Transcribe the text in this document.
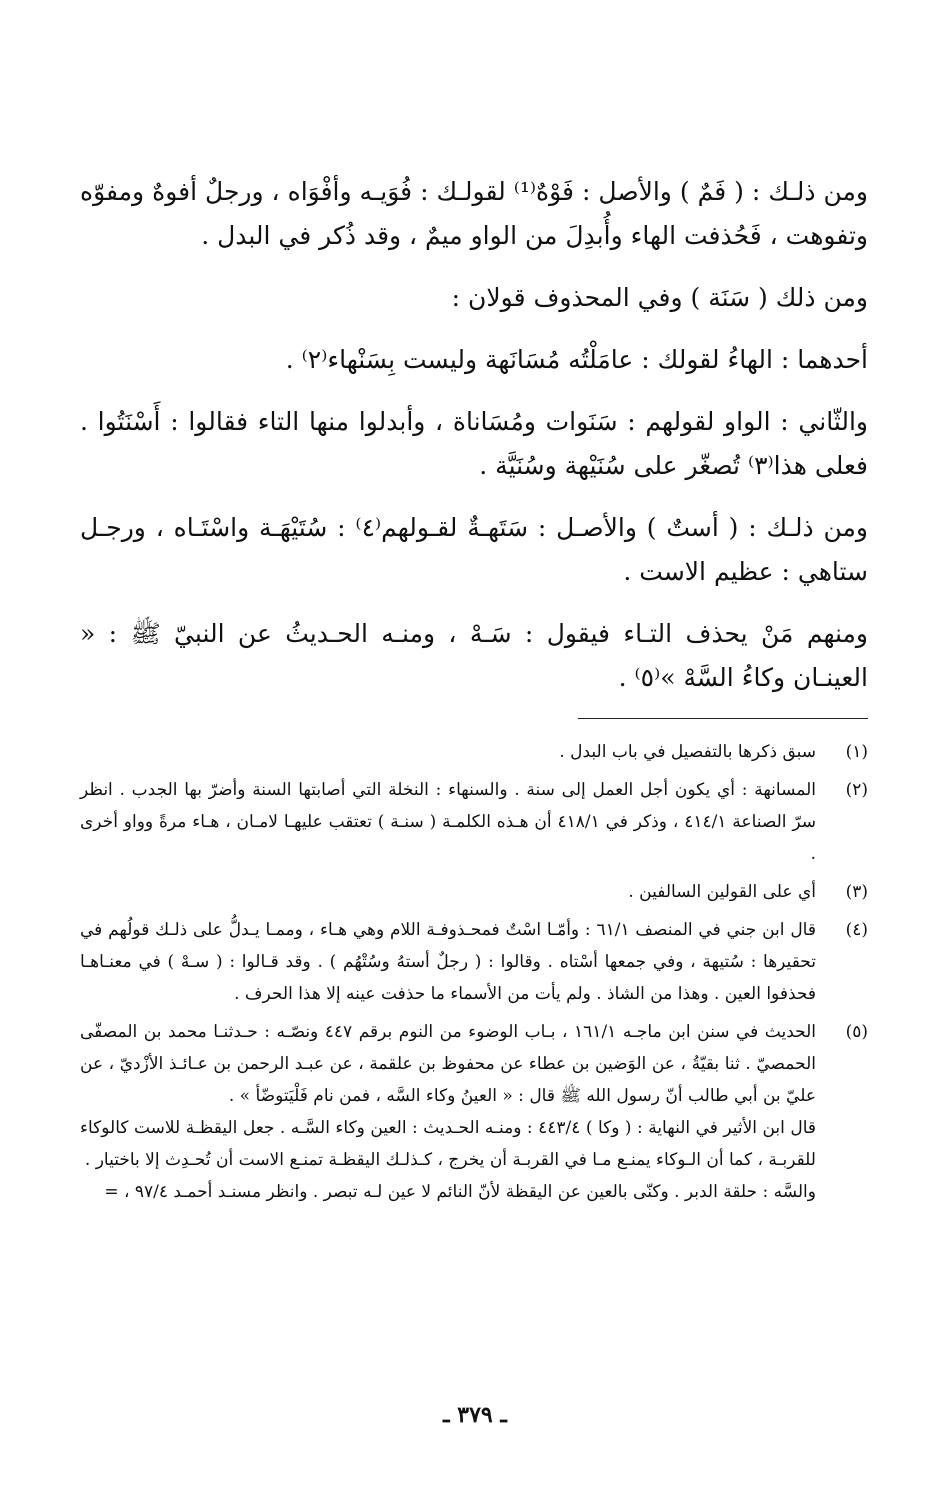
ومن ذلـك : ( فَمٌ ) والأصل : فَوْهٌ⁽¹⁾ لقولـك : فُوَيـه وأفْوَاه ، ورجلٌ أفوهٌ ومفوّه وتفوهت ، فَحُذفت الهاء وأُبدِلَ من الواو ميمٌ ، وقد ذُكر في البدل .

ومن ذلك ( سَنَة ) وفي المحذوف قولان :

أحدهما : الهاءُ لقولك : عامَلْتُه مُسَانَهة وليست بِسَنْهاء⁽٢⁾ .

والثّاني : الواو لقولهم : سَنَوات ومُسَاناة ، وأبدلوا منها التاء فقالوا : أَسْنَتُوا . فعلى هذا⁽٣⁾ تُصغّر على سُنَيْهة وسُنَيَّة .

ومن ذلـك : ( أستٌ ) والأصـل : سَتَهـةٌ لقـولهم⁽٤⁾ : سُتَيْهَـة واسْتَـاه ، ورجـل ستاهي : عظيم الاست .

ومنهم مَنْ يحذف التـاء فيقول : سَـهْ ، ومنـه الحـديثُ عن النبيّ ﷺ : « العينـان وكاءُ السَّهْ »⁽٥⁾ .

(١)

سبق ذكرها بالتفصيل في باب البدل .

(٢)

المسانهة : أي يكون أجل العمل إلى سنة . والسنهاء : النخلة التي أصابتها السنة وأضرّ بها الجدب . انظر سرّ الصناعة ٤١٤/١ ، وذكر في ٤١٨/١ أن هـذه الكلمـة ( سنـة ) تعتقب عليهـا لامـان ، هـاء مرةً وواو أخرى .

(٣)

أي على القولين السالفين .

(٤)

قال ابن جني في المنصف ٦١/١ : وأمّـا اسْتٌ فمحـذوفـة اللام وهي هـاء ، وممـا يـدلُّ على ذلـك قولُهم في تحقيرها : سُتيهة ، وفي جمعها أسْتاه . وقالوا : ( رجلٌ أستهُ وسُتْهُم ) . وقد قـالوا : ( سـهْ ) في معنـاهـا فحذفوا العين . وهذا من الشاذ . ولم يأت من الأسماء ما حذفت عينه إلا هذا الحرف .

(٥)

الحديث في سنن ابن ماجـه ١٦١/١ ، بـاب الوضوء من النوم برقم ٤٤٧ ونصّـه : حـدثنـا محمد بن المصفّى الحمصيّ . ثنا بقيّةُ ، عن الوَضين بن عطاء عن محفوظ بن علقمة ، عن عبـد الرحمن بن عـائـذ الأزْديّ ، عن عليّ بن أبي طالب أنّ رسول الله ﷺ قال : « العينُ وكاء السَّه ، فمن نام فَلْيَتوضّأ » .

قال ابن الأثير في النهاية : ( وكا ) ٤٤٣/٤ : ومنـه الحـديث : العين وكاء السَّـه . جعل اليقظـة للاست كالوكاء للقربـة ، كما أن الـوكاء يمنـع مـا في القربـة أن يخرج ، كـذلـك اليقظـة تمنـع الاست أن تُحـدِث إلا باختيار .

والسَّه : حلقة الدبر . وكنّى بالعين عن اليقظة لأنّ النائم لا عين لـه تبصر . وانظر مسنـد أحمـد ٩٧/٤ ، =

ـ ٣٧٩ ـ
